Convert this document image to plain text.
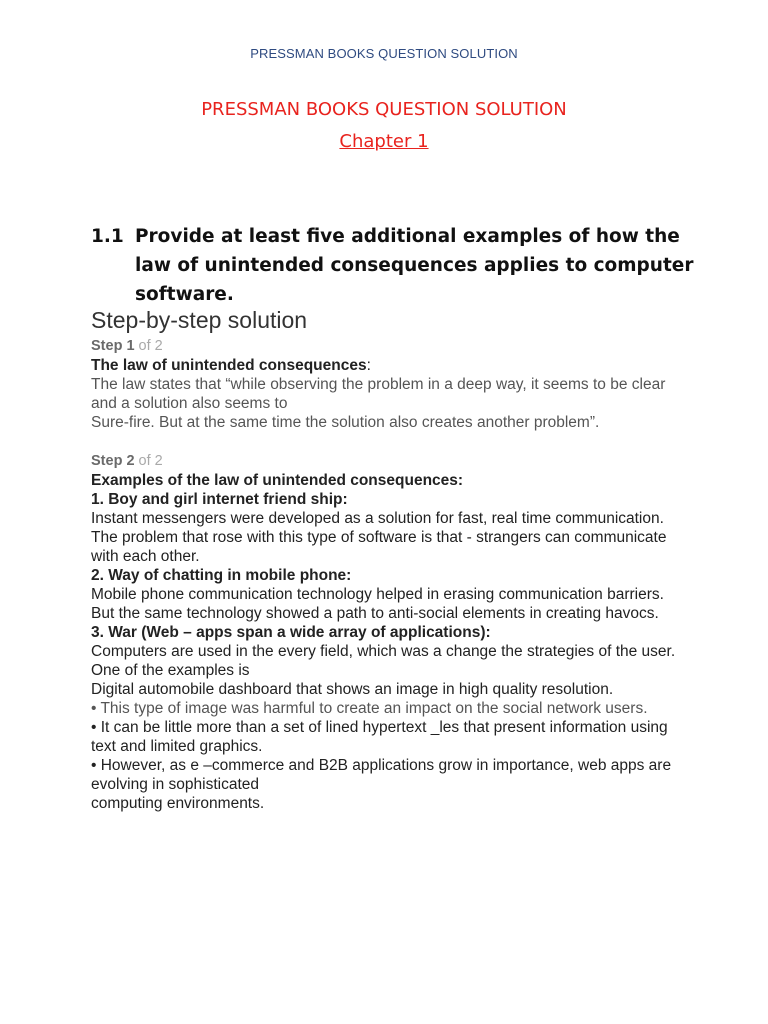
PRESSMAN BOOKS QUESTION SOLUTION
PRESSMAN BOOKS QUESTION SOLUTION
Chapter 1
1.1 Provide at least five additional examples of how the law of unintended consequences applies to computer software.
Step-by-step solution

Step 1 of 2

The law of unintended consequences:

The law states that “while observing the problem in a deep way, it seems to be clear and a solution also seems to

Sure-fire. But at the same time the solution also creates another problem”.

Step 2 of 2

Examples of the law of unintended consequences:

1. Boy and girl internet friend ship:

Instant messengers were developed as a solution for fast, real time communication.

The problem that rose with this type of software is that - strangers can communicate

with each other.

2. Way of chatting in mobile phone:

Mobile phone communication technology helped in erasing communication barriers.

But the same technology showed a path to anti-social elements in creating havocs.

3. War (Web – apps span a wide array of applications):

Computers are used in the every field, which was a change the strategies of the user. One of the examples is

Digital automobile dashboard that shows an image in high quality resolution.

• This type of image was harmful to create an impact on the social network users.

• It can be little more than a set of lined hypertext _les that present information using text and limited graphics.

• However, as e –commerce and B2B applications grow in importance, web apps are evolving in sophisticated

computing environments.
